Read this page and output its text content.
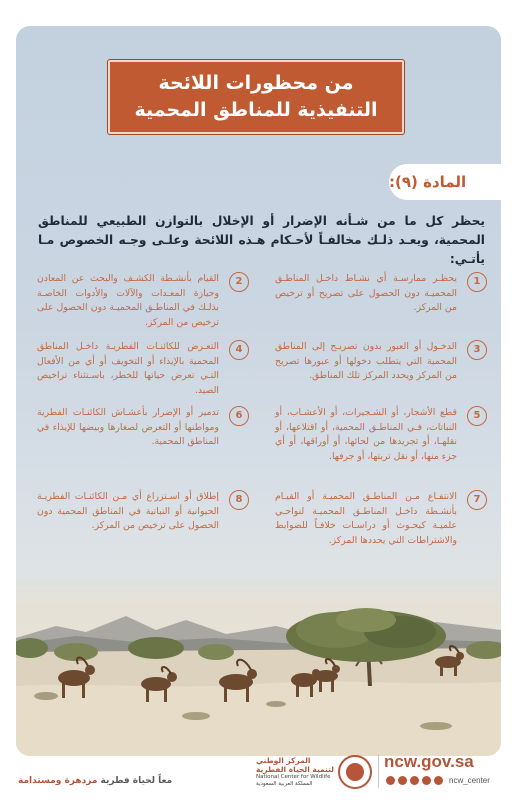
من محظورات اللائحة
التنفيذية للمناطق المحمية
المادة (٩):
يحظر كل ما من شـأنه الإضرار أو الإخلال بالتوازن الطبيعي للمناطق المحمية، ويعـد ذلـك مخالفـاً لأحـكام هـذه اللائحة وعلـى وجـه الخصوص مـا يأتـي:
1
يحظـر ممارسـة أي نشـاط داخـل المناطـق المحميـة دون الحصول على تصريح أو ترخيص من المركز.
2
القيام بأنشـطة الكشـف والبحث عن المعادن وحيازة المعـدات والآلات والأدوات الخاصـة بذلـك في المناطـق المحميـة دون الحصول على ترخيص من المركز.
3
الدخـول أو العبور بدون تصريـح إلى المناطق المحمية التي يتطلب دخولها أو عبورها تصريح من المركز ويحدد المركز تلك المناطق.
4
التعـرض للكائنـات الفطريـة داخـل المناطق المحمية بالإيذاء أو التخويف أو أي من الأفعال التـي تعرض حياتها للخطر، باسـتثناء تراخيص الصيد.
5
قطع الأشجار، أو الشـجيرات، أو الأعشـاب، أو النباتات، فـي المناطـق المحمية، أو اقتلاعها، أو نقلهـا، أو تجريدها من لحائها، أو أوراقها، أو أي جزء منها، أو نقل تربتها، أو جرفها.
6
تدمير أو الإضرار بأعشـاش الكائنـات الفطرية ومواطنها أو التعرض لصغارها وبيضها للإيذاء في المناطق المحمية.
7
الانتفـاع مـن المناطـق المحميـة أو القيـام بأنشـطة داخـل المناطـق المحميـة لنواحـي علميـة كبحـوث أو دراسـات خلافـاً للضوابط والاشتراطات التي يحددها المركز.
8
إطلاق أو اسـتزراع أي مـن الكائنـات الفطريـة الحيوانية أو النباتية في المناطق المحمية دون الحصول على ترخيص من المركز.
المركز الوطني
لتنمية الحياة الفطرية
National Center for Wildlife
المملكة العربية السعودية
ncw.gov.sa
ncw_center
معاً لحياة فطرية مزدهرة ومستدامة
